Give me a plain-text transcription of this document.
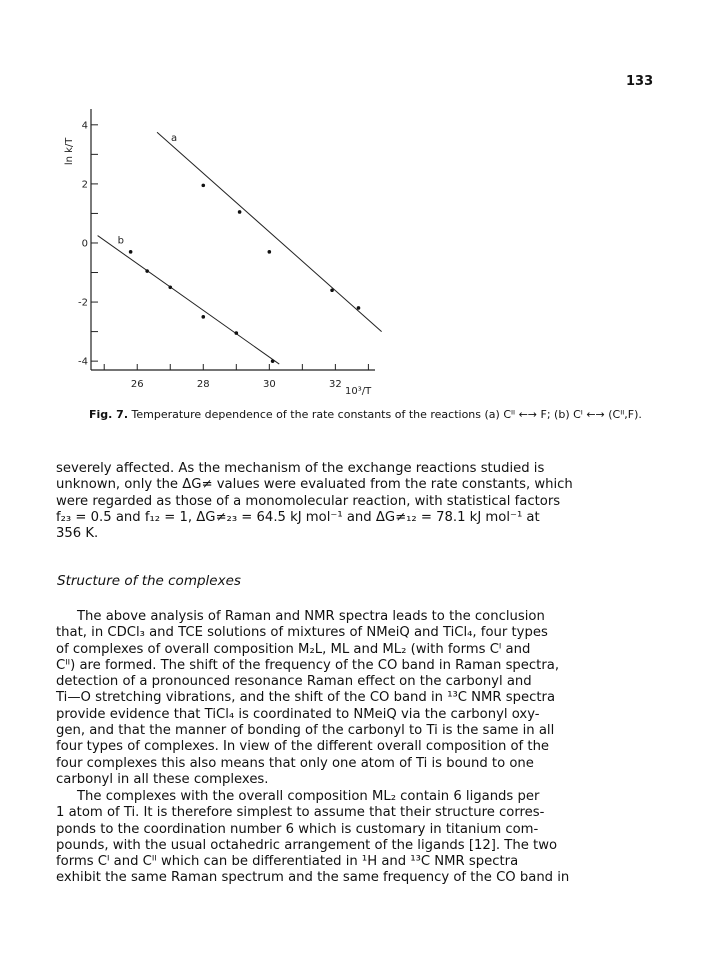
133
4
2
0
-2
-4
26	28	30	32
ln k/T
10³/T
a
b
Fig. 7. Temperature dependence of the rate constants of the reactions (a) Cᴵᴵ ←→ F; (b) Cᴵ ←→ (Cᴵᴵ,F).

severely affected. As the mechanism of the exchange reactions studied is

unknown, only the ΔG≠ values were evaluated from the rate constants, which

were regarded as those of a monomolecular reaction, with statistical factors

f₂₃ = 0.5 and f₁₂ = 1, ΔG≠₂₃ = 64.5 kJ mol⁻¹ and ΔG≠₁₂ = 78.1 kJ mol⁻¹ at

356 K.

Structure of the complexes

The above analysis of Raman and NMR spectra leads to the conclusion

that, in CDCl₃ and TCE solutions of mixtures of NMeiQ and TiCl₄, four types

of complexes of overall composition M₂L, ML and ML₂ (with forms Cᴵ and

Cᴵᴵ) are formed. The shift of the frequency of the CO band in Raman spectra,

detection of a pronounced resonance Raman effect on the carbonyl and

Ti—O stretching vibrations, and the shift of the CO band in ¹³C NMR spectra

provide evidence that TiCl₄ is coordinated to NMeiQ via the carbonyl oxy-

gen, and that the manner of bonding of the carbonyl to Ti is the same in all

four types of complexes. In view of the different overall composition of the

four complexes this also means that only one atom of Ti is bound to one

carbonyl in all these complexes.

The complexes with the overall composition ML₂ contain 6 ligands per

1 atom of Ti. It is therefore simplest to assume that their structure corres-

ponds to the coordination number 6 which is customary in titanium com-

pounds, with the usual octahedric arrangement of the ligands [12]. The two

forms Cᴵ and Cᴵᴵ which can be differentiated in ¹H and ¹³C NMR spectra

exhibit the same Raman spectrum and the same frequency of the CO band in
